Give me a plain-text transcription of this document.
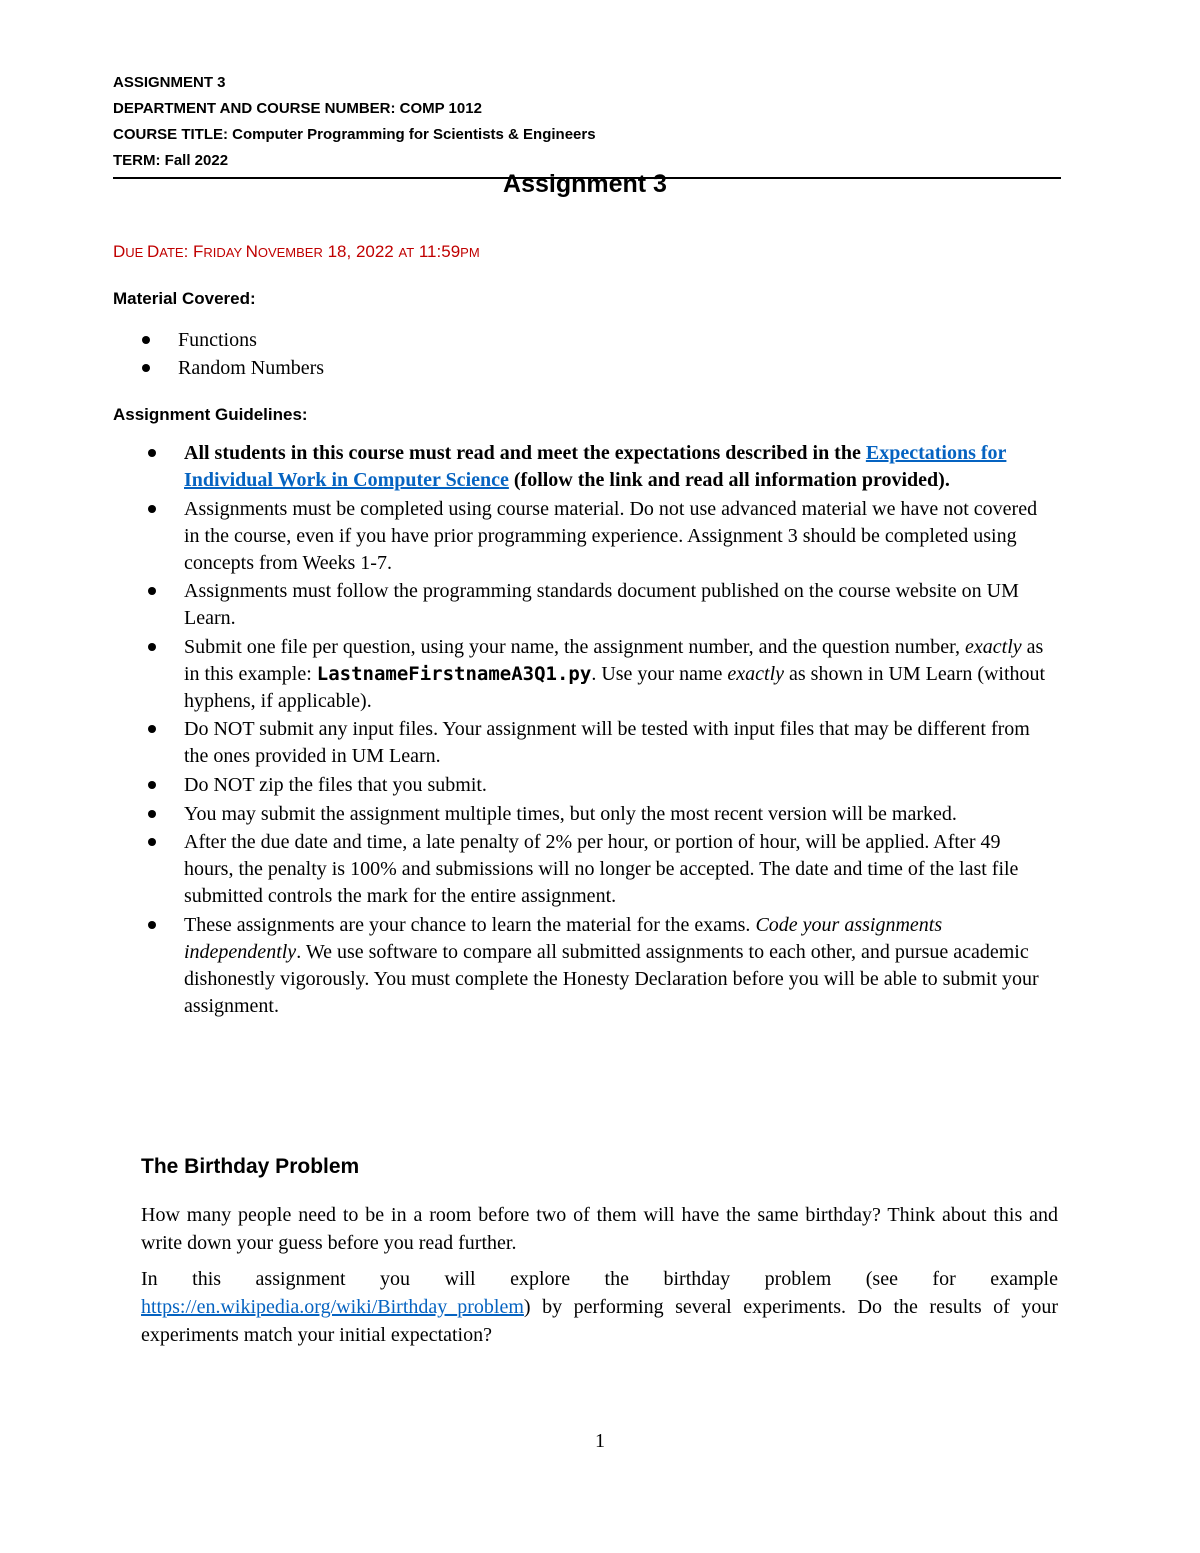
ASSIGNMENT 3
DEPARTMENT AND COURSE NUMBER: COMP 1012
COURSE TITLE: Computer Programming for Scientists & Engineers
TERM: Fall 2022
Assignment 3
DUE DATE: FRIDAY NOVEMBER 18, 2022 AT 11:59PM
Material Covered:
Functions
Random Numbers
Assignment Guidelines:
All students in this course must read and meet the expectations described in the Expectations for Individual Work in Computer Science (follow the link and read all information provided).
Assignments must be completed using course material. Do not use advanced material we have not covered in the course, even if you have prior programming experience. Assignment 3 should be completed using concepts from Weeks 1-7.
Assignments must follow the programming standards document published on the course website on UM Learn.
Submit one file per question, using your name, the assignment number, and the question number, exactly as in this example: LastnameFirstnameA3Q1.py. Use your name exactly as shown in UM Learn (without hyphens, if applicable).
Do NOT submit any input files. Your assignment will be tested with input files that may be different from the ones provided in UM Learn.
Do NOT zip the files that you submit.
You may submit the assignment multiple times, but only the most recent version will be marked.
After the due date and time, a late penalty of 2% per hour, or portion of hour, will be applied. After 49 hours, the penalty is 100% and submissions will no longer be accepted. The date and time of the last file submitted controls the mark for the entire assignment.
These assignments are your chance to learn the material for the exams. Code your assignments independently. We use software to compare all submitted assignments to each other, and pursue academic dishonestly vigorously. You must complete the Honesty Declaration before you will be able to submit your assignment.
The Birthday Problem
How many people need to be in a room before two of them will have the same birthday? Think about this and write down your guess before you read further.
In this assignment you will explore the birthday problem (see for example https://en.wikipedia.org/wiki/Birthday_problem) by performing several experiments. Do the results of your experiments match your initial expectation?
1
